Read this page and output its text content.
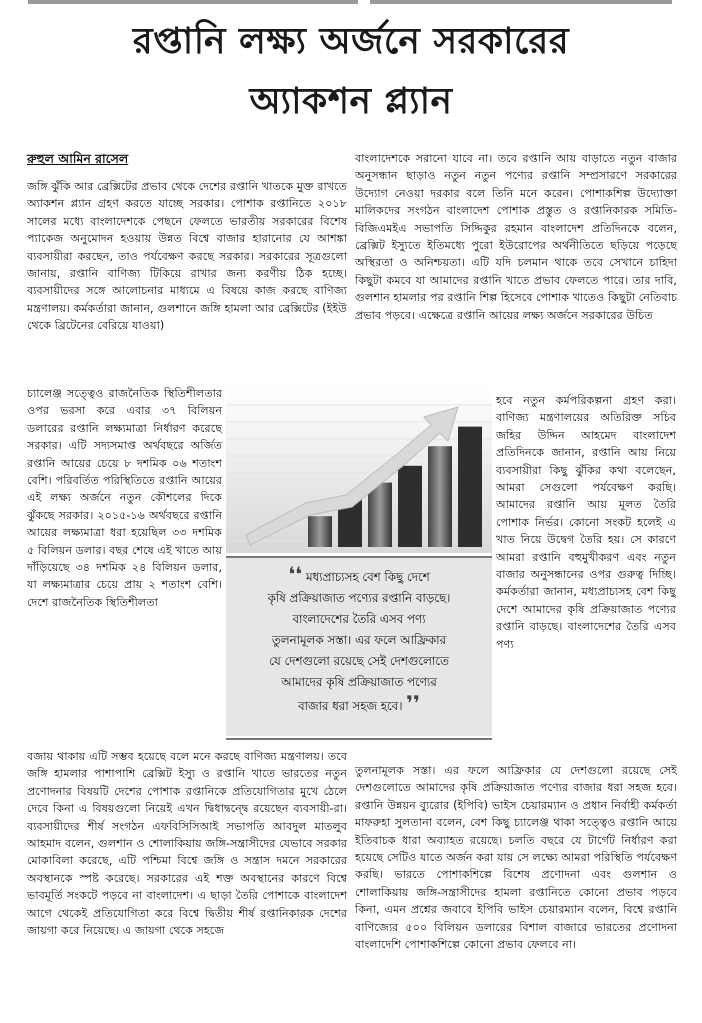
রপ্তানি লক্ষ্য অর্জনে সরকারের
অ্যাকশন প্ল্যান
রুহুল আমিন রাসেল

জঙ্গি ঝুঁকি আর ব্রেক্সিটের প্রভাব থেকে দেশের রপ্তানি খাতকে মুক্ত রাখতে অ্যাকশন প্ল্যান গ্রহণ করতে যাচ্ছে সরকার। পোশাক রপ্তানিতে ২০১৮ সালের মধ্যে বাংলাদেশকে পেছনে ফেলতে ভারতীয় সরকারের বিশেষ প্যাকেজ অনুমোদন হওয়ায় উন্নত বিশ্বে বাজার হারানোর যে আশঙ্কা ব্যবসায়ীরা করছেন, তাও পর্যবেক্ষণ করছে সরকার। সরকারের সূত্রগুলো জানায়, রপ্তানি বাণিজ্য টিকিয়ে রাখার জন্য করণীয় ঠিক হচ্ছে। ব্যবসায়ীদের সঙ্গে আলোচনার মাধ্যমে এ বিষয়ে কাজ করছে বাণিজ্য মন্ত্রণালয়। কর্মকর্তারা জানান, গুলশানে জঙ্গি হামলা আর ব্রেক্সিটের (ইইউ থেকে ব্রিটেনের বেরিয়ে যাওয়া)

চ্যালেঞ্জ সত্ত্বেও রাজনৈতিক স্থিতিশীলতার ওপর ভরসা করে এবার ৩৭ বিলিয়ন ডলারের রপ্তানি লক্ষ্যমাত্রা নির্ধারণ করেছে সরকার। এটি সদ্যসমাপ্ত অর্থবছরে অর্জিত রপ্তানি আয়ের চেয়ে ৮ দশমিক ০৬ শতাংশ বেশি। পরিবর্তিত পরিস্থিতিতে রপ্তানি আয়ের এই লক্ষ্য অর্জনে নতুন কৌশলের দিকে ঝুঁকছে সরকার। ২০১৫-১৬ অর্থবছরে রপ্তানি আয়ের লক্ষ্যমাত্রা ধরা হয়েছিল ৩৩ দশমিক ৫ বিলিয়ন ডলার। বছর শেষে এই খাতে আয় দাঁড়িয়েছে ৩৪ দশমিক ২৪ বিলিয়ন ডলার, যা লক্ষ্যমাত্রার চেয়ে প্রায় ২ শতাংশ বেশি। দেশে রাজনৈতিক স্থিতিশীলতা

বজায় থাকায় এটি সম্ভব হয়েছে বলে মনে করছে বাণিজ্য মন্ত্রণালয়। তবে জঙ্গি হামলার পাশাপাশি ব্রেক্সিট ইস্যু ও রপ্তানি খাতে ভারতের নতুন প্রণোদনার বিষয়টি দেশের পোশাক রপ্তানিকে প্রতিযোগিতার মুখে ঠেলে দেবে কিনা এ বিষয়গুলো নিয়েই এখন দ্বিধাদ্বন্দ্বে রয়েছেন ব্যবসায়ী-রা। ব্যবসায়ীদের শীর্ষ সংগঠন এফবিসিসিআই সভাপতি আবদুল মাতলুব আহমাদ বলেন, গুলশান ও শোলাকিয়ায় জঙ্গি-সন্ত্রাসীদের যেভাবে সরকার মোকাবিলা করেছে, এটি পশ্চিমা বিশ্বে জঙ্গি ও সন্ত্রাস দমনে সরকারের অবস্থানকে স্পষ্ট করেছে। সরকারের এই শক্ত অবস্থানের কারণে বিশ্বে ভাবমূর্তি সংকটে পড়বে না বাংলাদেশ। এ ছাড়া তৈরি পোশাকে বাংলাদেশ আগে থেকেই প্রতিযোগিতা করে বিশ্বে দ্বিতীয় শীর্ষ রপ্তানিকারক দেশের জায়গা করে নিয়েছে। এ জায়গা থেকে সহজে

বাংলাদেশকে সরানো যাবে না। তবে রপ্তানি আয় বাড়াতে নতুন বাজার অনুসন্ধান ছাড়াও নতুন নতুন পণ্যের রপ্তানি সম্প্রসারণে সরকারের উদ্যোগ নেওয়া দরকার বলে তিনি মনে করেন। পোশাকশিল্প উদ্যোক্তা মালিকদের সংগঠন বাংলাদেশ পোশাক প্রস্তুত ও রপ্তানিকারক সমিতি-বিজিএমইএ সভাপতি সিদ্দিকুর রহমান বাংলাদেশ প্রতিদিনকে বলেন, ব্রেক্সিট ইস্যুতে ইতিমধ্যে পুরো ইউরোপের অর্থনীতিতে ছড়িয়ে পড়েছে অস্থিরতা ও অনিশ্চয়তা। এটি যদি চলমান থাকে তবে সেখানে চাহিদা কিছুটা কমবে যা আমাদের রপ্তানি খাতে প্রভাব ফেলতে পারে। তার দাবি, গুলশান হামলার পর রপ্তানি শিল্প হিসেবে পোশাক খাতেও কিছুটা নেতিবাচ প্রভাব পড়বে। এক্ষেত্রে রপ্তানি আয়ের লক্ষ্য অর্জনে সরকারের উচিত

হবে নতুন কর্মপরিকল্পনা গ্রহণ করা। বাণিজ্য মন্ত্রণালয়ের অতিরিক্ত সচিব জহির উদ্দিন আহমেদ বাংলাদেশ প্রতিদিনকে জানান, রপ্তানি আয় নিয়ে ব্যবসায়ীরা কিছু ঝুঁকির কথা বলেছেন, আমরা সেগুলো পর্যবেক্ষণ করছি। আমাদের রপ্তানি আয় মূলত তৈরি পোশাক নির্ভর। কোনো সংকট হলেই এ খাত নিয়ে উদ্বেগ তৈরি হয়। সে কারণে আমরা রপ্তানি বহুমুখীকরণ এবং নতুন বাজার অনুসন্ধানের ওপর গুরুত্ব দিচ্ছি। কর্মকর্তারা জানান, মধ্যপ্রাচ্যসহ বেশ কিছু দেশে আমাদের কৃষি প্রক্রিয়াজাত পণ্যের রপ্তানি বাড়ছে। বাংলাদেশের তৈরি এসব পণ্য

তুলনামূলক সস্তা। এর ফলে আফ্রিকার যে দেশগুলো রয়েছে সেই দেশগুলোতে আমাদের কৃষি প্রক্রিয়াজাত পণ্যের বাজার ধরা সহজ হবে। রপ্তানি উন্নয়ন ব্যুরোর (ইপিবি) ভাইস চেয়ারম্যান ও প্রধান নির্বাহী কর্মকর্তা মাফরুহা সুলতানা বলেন, বেশ কিছু চ্যালেঞ্জ থাকা সত্ত্বেও রপ্তানি আয়ে ইতিবাচক ধারা অব্যাহত রয়েছে। চলতি বছরে যে টার্গেট নির্ধারণ করা হয়েছে সেটিও যাতে অর্জন করা যায় সে লক্ষ্যে আমরা পরিস্থিতি পর্যবেক্ষণ করছি। ভারতে পোশাকশিল্পে বিশেষ প্রণোদনা এবং গুলশান ও শোলাকিয়ায় জঙ্গি-সন্ত্রাসীদের হামলা রপ্তানিতে কোনো প্রভাব পড়বে কিনা, এমন প্রশ্নের জবাবে ইপিবি ভাইস চেয়ারম্যান বলেন, বিশ্বে রপ্তানি বাণিজ্যের ৫০০ বিলিয়ন ডলারের বিশাল বাজারে ভারতের প্রণোদনা বাংলাদেশি পোশাকশিল্পে কোনো প্রভাব ফেলবে না।

❛❛ মধ্যপ্রাচ্যসহ বেশ কিছু দেশে
কৃষি প্রক্রিয়াজাত পণ্যের রপ্তানি বাড়ছে।
বাংলাদেশের তৈরি এসব পণ্য
তুলনামূলক সস্তা। এর ফলে আফ্রিকার
যে দেশগুলো রয়েছে সেই দেশগুলোতে
আমাদের কৃষি প্রক্রিয়াজাত পণ্যের
বাজার ধরা সহজ হবে। ❜❜
